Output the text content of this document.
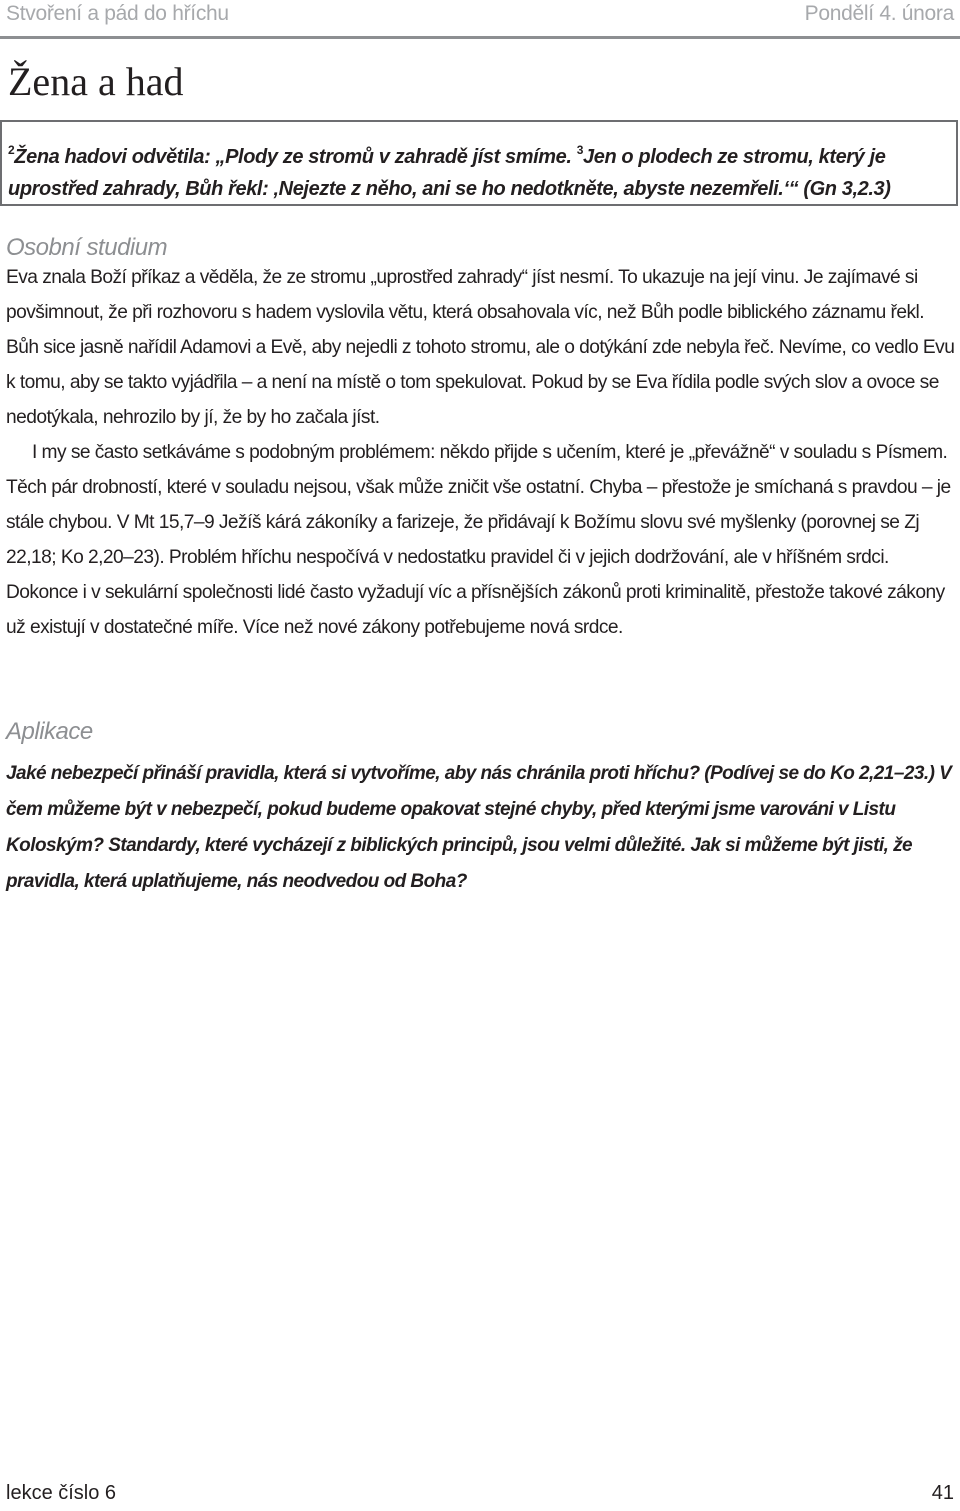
Stvoření a pád do hříchu	Pondělí 4. února
Žena a had
$^2$Žena hadovi odvětila: „Plody ze stromů v zahradě jíst smíme. $^3$Jen o plodech ze stromu, který je uprostřed zahrady, Bůh řekl: ‚Nejezte z něho, ani se ho nedotkněte, abyste nezemřeli.‘“ (Gn 3,2.3)
Osobní studium

Eva znala Boží příkaz a věděla, že ze stromu „uprostřed zahrady“ jíst nesmí. To ukazuje na její vinu. Je zajímavé si povšimnout, že při rozhovoru s hadem vyslovila větu, která obsahovala víc, než Bůh podle biblického záznamu řekl. Bůh sice jasně nařídil Adamovi a Evě, aby nejedli z tohoto stromu, ale o dotýkání zde nebyla řeč. Nevíme, co vedlo Evu k tomu, aby se takto vyjádřila – a není na místě o tom spekulovat. Pokud by se Eva řídila podle svých slov a ovoce se nedotýkala, nehrozilo by jí, že by ho začala jíst.

I my se často setkáváme s podobným problémem: někdo přijde s učením, které je „převážně“ v souladu s Písmem. Těch pár drobností, které v souladu nejsou, však může zničit vše ostatní. Chyba – přestože je smíchaná s pravdou – je stále chybou. V Mt 15,7–9 Ježíš kárá zákoníky a farizeje, že přidávají k Božímu slovu své myšlenky (porovnej se Zj 22,18; Ko 2,20–23). Problém hříchu nespočívá v nedostatku pravidel či v jejich dodržování, ale v hříšném srdci. Dokonce i v sekulární společnosti lidé často vyžadují víc a přísnějších zákonů proti kriminalitě, přestože takové zákony už existují v dostatečné míře. Více než nové zákony potřebujeme nová srdce.

Aplikace

Jaké nebezpečí přináší pravidla, která si vytvoříme, aby nás chránila proti hříchu? (Podívej se do Ko 2,21–23.) V čem můžeme být v nebezpečí, pokud budeme opakovat stejné chyby, před kterými jsme varováni v Listu Koloským? Standardy, které vycházejí z biblických principů, jsou velmi důležité. Jak si můžeme být jisti, že pravidla, která uplatňujeme, nás neodvedou od Boha?

lekce číslo 6	41
